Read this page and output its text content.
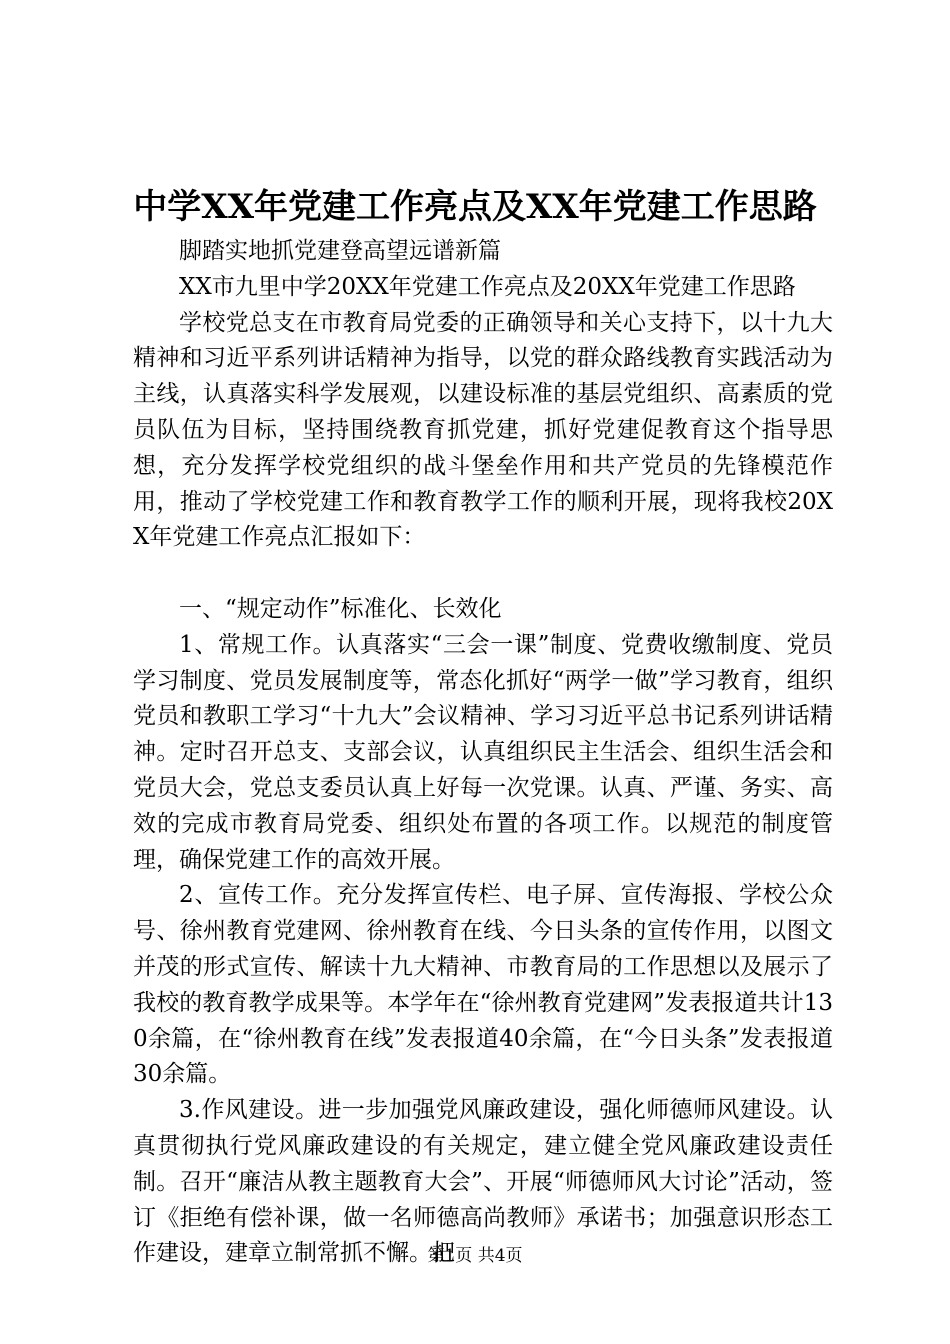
中学XX年党建工作亮点及XX年党建工作思路

脚踏实地抓党建登高望远谱新篇

XX市九里中学20XX年党建工作亮点及20XX年党建工作思路

学校党总支在市教育局党委的正确领导和关心支持下，以十九大精神和习近平系列讲话精神为指导，以党的群众路线教育实践活动为主线，认真落实科学发展观，以建设标准的基层党组织、高素质的党员队伍为目标，坚持围绕教育抓党建，抓好党建促教育这个指导思想，充分发挥学校党组织的战斗堡垒作用和共产党员的先锋模范作用，推动了学校党建工作和教育教学工作的顺利开展，现将我校20XX年党建工作亮点汇报如下：

一、“规定动作”标准化、长效化

1、常规工作。认真落实“三会一课”制度、党费收缴制度、党员学习制度、党员发展制度等，常态化抓好“两学一做”学习教育，组织党员和教职工学习“十九大”会议精神、学习习近平总书记系列讲话精神。定时召开总支、支部会议，认真组织民主生活会、组织生活会和党员大会，党总支委员认真上好每一次党课。认真、严谨、务实、高效的完成市教育局党委、组织处布置的各项工作。以规范的制度管理，确保党建工作的高效开展。

2、宣传工作。充分发挥宣传栏、电子屏、宣传海报、学校公众号、徐州教育党建网、徐州教育在线、今日头条的宣传作用，以图文并茂的形式宣传、解读十九大精神、市教育局的工作思想以及展示了我校的教育教学成果等。本学年在“徐州教育党建网”发表报道共计130余篇，在“徐州教育在线”发表报道40余篇，在“今日头条”发表报道30余篇。

3.作风建设。进一步加强党风廉政建设，强化师德师风建设。认真贯彻执行党风廉政建设的有关规定，建立健全党风廉政建设责任制。召开“廉洁从教主题教育大会”、开展“师德师风大讨论”活动，签订《拒绝有偿补课，做一名师德高尚教师》承诺书；加强意识形态工作建设，建章立制常抓不懈。把

第1页 共4页
